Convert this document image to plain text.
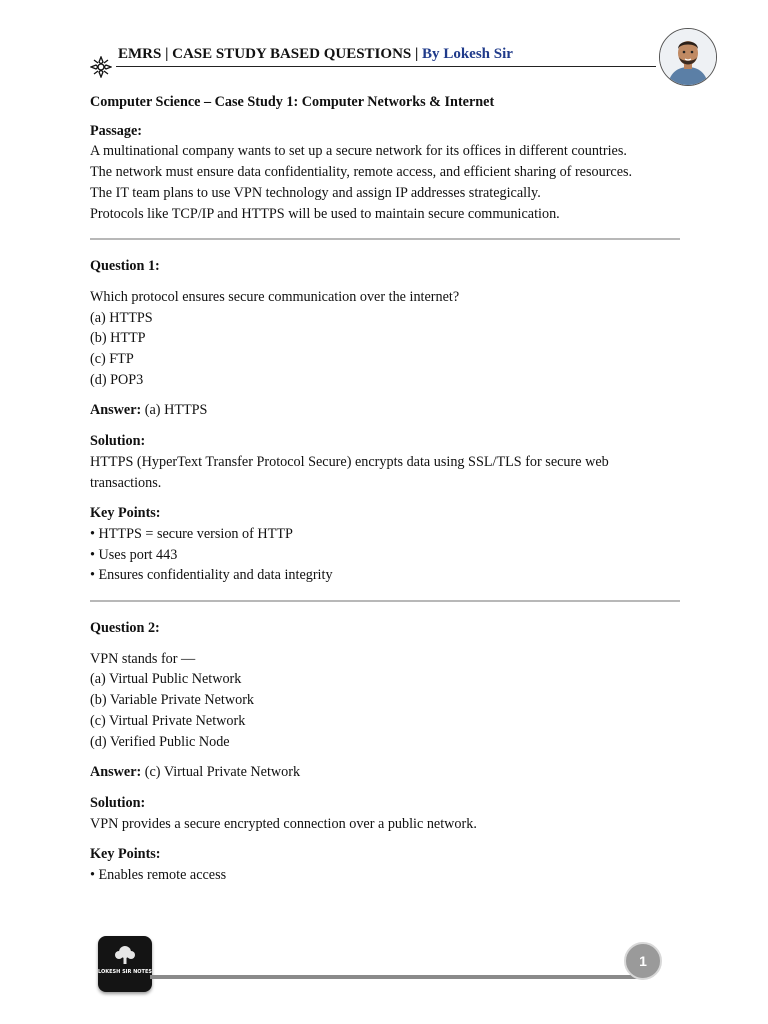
EMRS | CASE STUDY BASED QUESTIONS | By Lokesh Sir

Computer Science – Case Study 1: Computer Networks & Internet

Passage:

A multinational company wants to set up a secure network for its offices in different countries.

The network must ensure data confidentiality, remote access, and efficient sharing of resources.

The IT team plans to use VPN technology and assign IP addresses strategically.

Protocols like TCP/IP and HTTPS will be used to maintain secure communication.

Question 1:

Which protocol ensures secure communication over the internet?

(a) HTTPS

(b) HTTP

(c) FTP

(d) POP3

Answer: (a) HTTPS

Solution:

HTTPS (HyperText Transfer Protocol Secure) encrypts data using SSL/TLS for secure web transactions.

Key Points:

• HTTPS = secure version of HTTP

• Uses port 443

• Ensures confidentiality and data integrity

Question 2:

VPN stands for —

(a) Virtual Public Network

(b) Variable Private Network

(c) Virtual Private Network

(d) Verified Public Node

Answer: (c) Virtual Private Network

Solution:

VPN provides a secure encrypted connection over a public network.

Key Points:

• Enables remote access

LOKESH SIR NOTES
1
